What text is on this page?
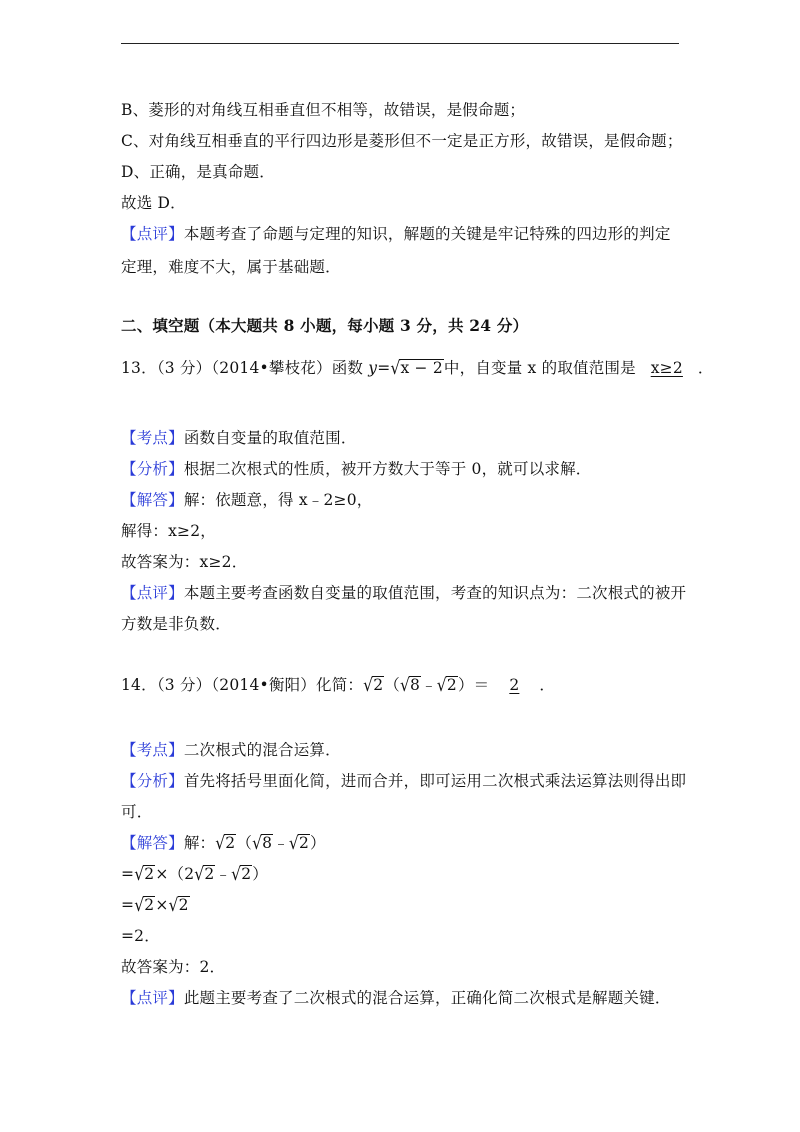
B、菱形的对角线互相垂直但不相等，故错误，是假命题；
C、对角线互相垂直的平行四边形是菱形但不一定是正方形，故错误，是假命题；
D、正确，是真命题．
故选 D．
【点评】本题考查了命题与定理的知识，解题的关键是牢记特殊的四边形的判定
定理，难度不大，属于基础题．
二、填空题（本大题共 8 小题，每小题 3 分，共 24 分）
13．（3 分）（2014•攀枝花）函数 y=√x − 2中，自变量 x 的取值范围是 x≥2 ．
【考点】函数自变量的取值范围．
【分析】根据二次根式的性质，被开方数大于等于 0，就可以求解．
【解答】解：依题意，得 x﹣2≥0，
解得：x≥2，
故答案为：x≥2．
【点评】本题主要考查函数自变量的取值范围，考查的知识点为：二次根式的被开
方数是非负数．
14．（3 分）（2014•衡阳）化简：√2（√8﹣√2）＝ 2 ．
【考点】二次根式的混合运算．
【分析】首先将括号里面化简，进而合并，即可运用二次根式乘法运算法则得出即
可．
【解答】解：√2（√8﹣√2）
=√2×（2√2﹣√2）
=√2×√2
=2．
故答案为：2．
【点评】此题主要考查了二次根式的混合运算，正确化简二次根式是解题关键．
